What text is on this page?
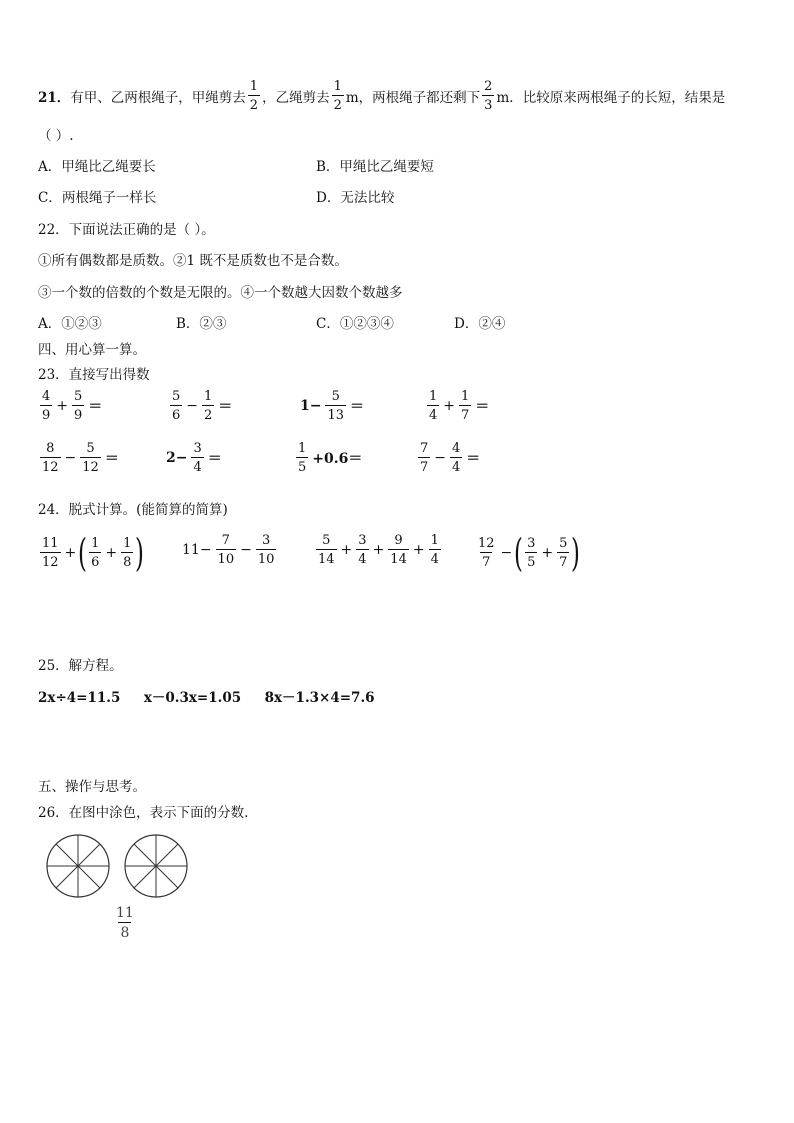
21． 有甲、乙两根绳子，甲绳剪去 $\frac{1}{2}$ ，乙绳剪去 $\frac{1}{2}$ m，两根绳子都还剩下 $\frac{2}{3}$ m．比较原来两根绳子的长短，结果是
（ ）.
A．甲绳比乙绳要长	B．甲绳比乙绳要短
C．两根绳子一样长	D．无法比较
22．下面说法正确的是（ ）。
①所有偶数都是质数。②1 既不是质数也不是合数。
③一个数的倍数的个数是无限的。④一个数越大因数个数越多
A．①②③	B．②③	C．①②③④	D．②④
四、用心算一算。
23．直接写出得数
$\frac{4}{9} + \frac{5}{9}$ ＝	$\frac{5}{6} - \frac{1}{2}$ ＝	$1- \frac{5}{13}$ ＝	$\frac{1}{4} + \frac{1}{7}$ ＝
$\frac{8}{12} - \frac{5}{12}$ ＝	$2- \frac{3}{4}$ ＝	$\frac{1}{5} +0.6=$	$\frac{7}{7} - \frac{4}{4}$ ＝
24．脱式计算。(能简算的简算)
$\frac{11}{12}$ + ( $\frac{1}{6} + \frac{1}{8}$ )	$11- \frac{7}{10} - \frac{3}{10}$	$\frac{5}{14} + \frac{3}{4} + \frac{9}{14} + \frac{1}{4}$	$\frac{12}{7}$ − ( $\frac{3}{5} + \frac{5}{7}$ )
25．解方程。
2x÷4=11.5     x－0.3x=1.05     8x－1.3×4=7.6
五、操作与思考。
26．在图中涂色，表示下面的分数.
$\frac{11}{8}$
